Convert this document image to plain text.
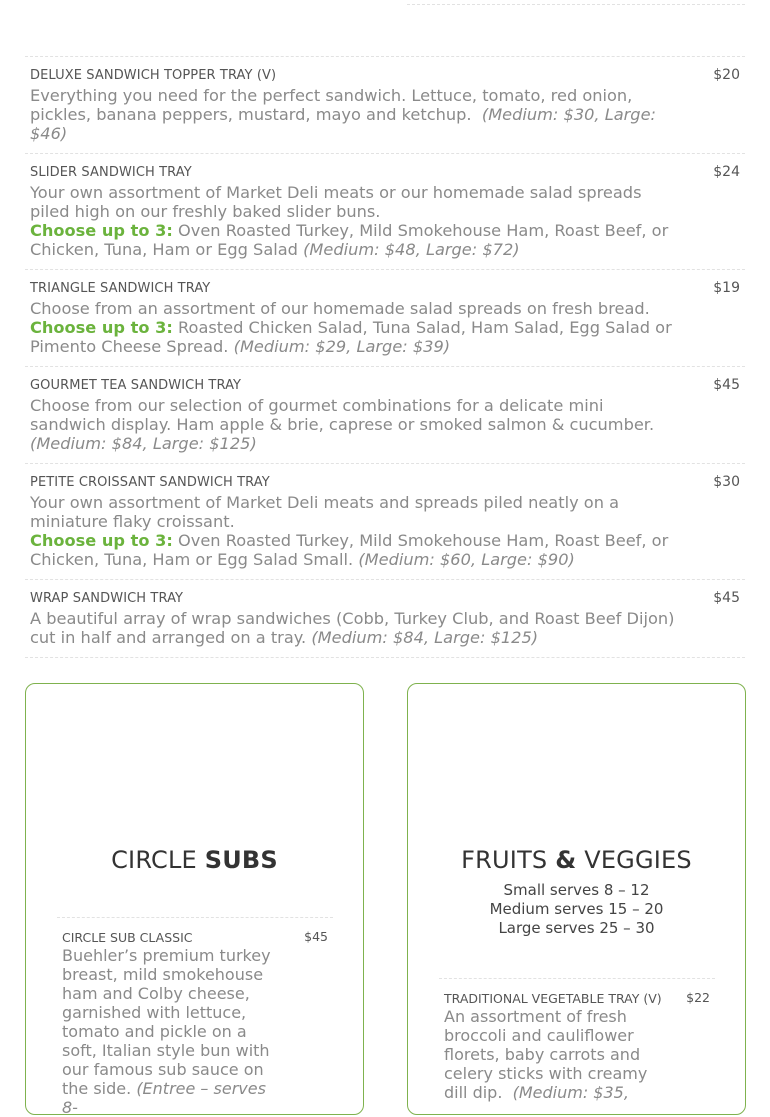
DELUXE SANDWICH TOPPER TRAY (V)	$20
Everything you need for the perfect sandwich. Lettuce, tomato, red onion, pickles, banana peppers, mustard, mayo and ketchup. (Medium: $30, Large: $46)
SLIDER SANDWICH TRAY	$24
Your own assortment of Market Deli meats or our homemade salad spreads piled high on our freshly baked slider buns.
Choose up to 3: Oven Roasted Turkey, Mild Smokehouse Ham, Roast Beef, or Chicken, Tuna, Ham or Egg Salad (Medium: $48, Large: $72)
TRIANGLE SANDWICH TRAY	$19
Choose from an assortment of our homemade salad spreads on fresh bread.
Choose up to 3: Roasted Chicken Salad, Tuna Salad, Ham Salad, Egg Salad or Pimento Cheese Spread. (Medium: $29, Large: $39)
GOURMET TEA SANDWICH TRAY	$45
Choose from our selection of gourmet combinations for a delicate mini sandwich display. Ham apple & brie, caprese or smoked salmon & cucumber. (Medium: $84, Large: $125)
PETITE CROISSANT SANDWICH TRAY	$30
Your own assortment of Market Deli meats and spreads piled neatly on a miniature flaky croissant.
Choose up to 3: Oven Roasted Turkey, Mild Smokehouse Ham, Roast Beef, or Chicken, Tuna, Ham or Egg Salad Small. (Medium: $60, Large: $90)
WRAP SANDWICH TRAY	$45
A beautiful array of wrap sandwiches (Cobb, Turkey Club, and Roast Beef Dijon) cut in half and arranged on a tray. (Medium: $84, Large: $125)
CIRCLE SUBS
CIRCLE SUB CLASSIC	$45
Buehler’s premium turkey breast, mild smokehouse ham and Colby cheese, garnished with lettuce, tomato and pickle on a soft, Italian style bun with our famous sub sauce on the side. (Entree – serves 8-
FRUITS & VEGGIES
Small serves 8 – 12
Medium serves 15 – 20
Large serves 25 – 30
TRADITIONAL VEGETABLE TRAY (V)	$22
An assortment of fresh broccoli and cauliflower florets, baby carrots and celery sticks with creamy dill dip. (Medium: $35,
